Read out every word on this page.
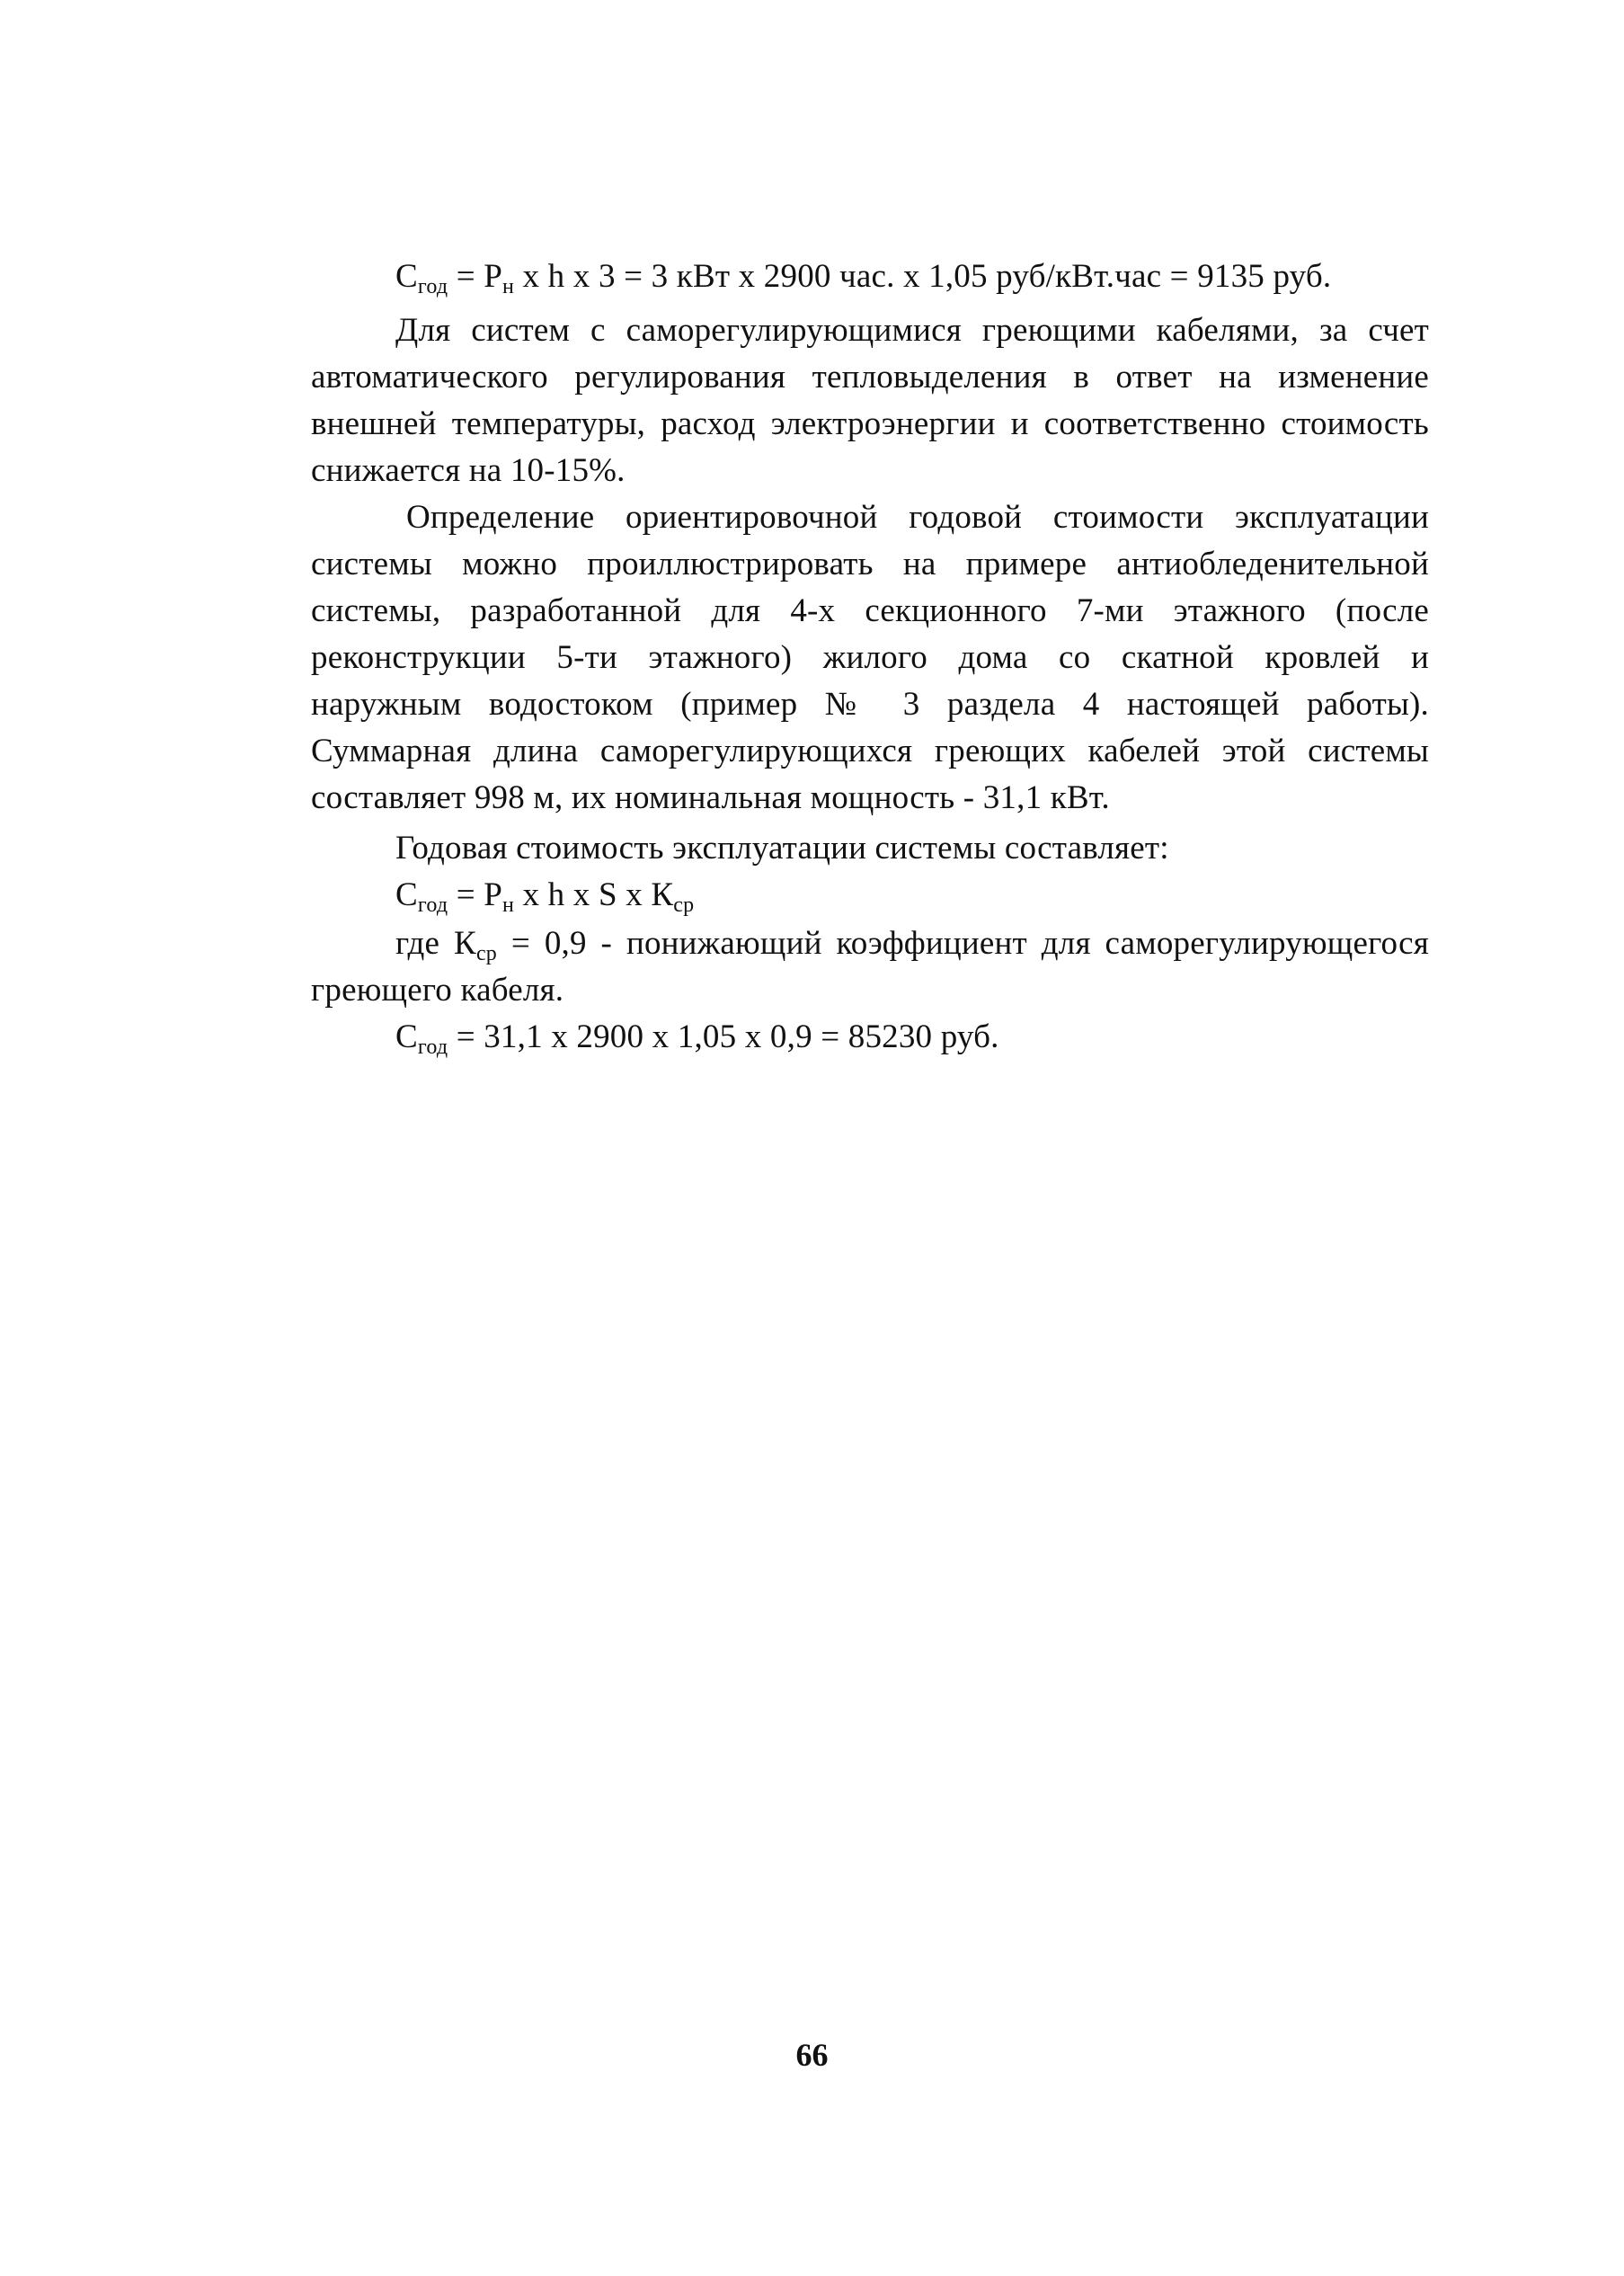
$С_{год} = Р_н$ х h х 3 = 3 кВт х 2900 час. х 1,05 руб/кВт.час = 9135 руб.
Для систем с саморегулирующимися греющими кабелями, за счет
автоматического регулирования тепловыделения в ответ на изменение
внешней температуры, расход электроэнергии и соответственно стоимость
снижается на 10-15%.
Определение ориентировочной годовой стоимости эксплуатации
системы можно проиллюстрировать на примере антиобледенительной
системы, разработанной для 4-х секционного 7-ми этажного (после
реконструкции 5-ти этажного) жилого дома со скатной кровлей и
наружным водостоком (пример № 3 раздела 4 настоящей работы).
Суммарная длина саморегулирующихся греющих кабелей этой системы
составляет 998 м, их номинальная мощность - 31,1 кВт.
Годовая стоимость эксплуатации системы составляет:
$С_{год} = Р_н$ х h х S х $К_{ср}$
где $К_{ср} = 0,9$ - понижающий коэффициент для саморегулирующегося
греющего кабеля.
$С_{год} = 31,1$ х 2900 х 1,05 х 0,9 = 85230 руб.
66
